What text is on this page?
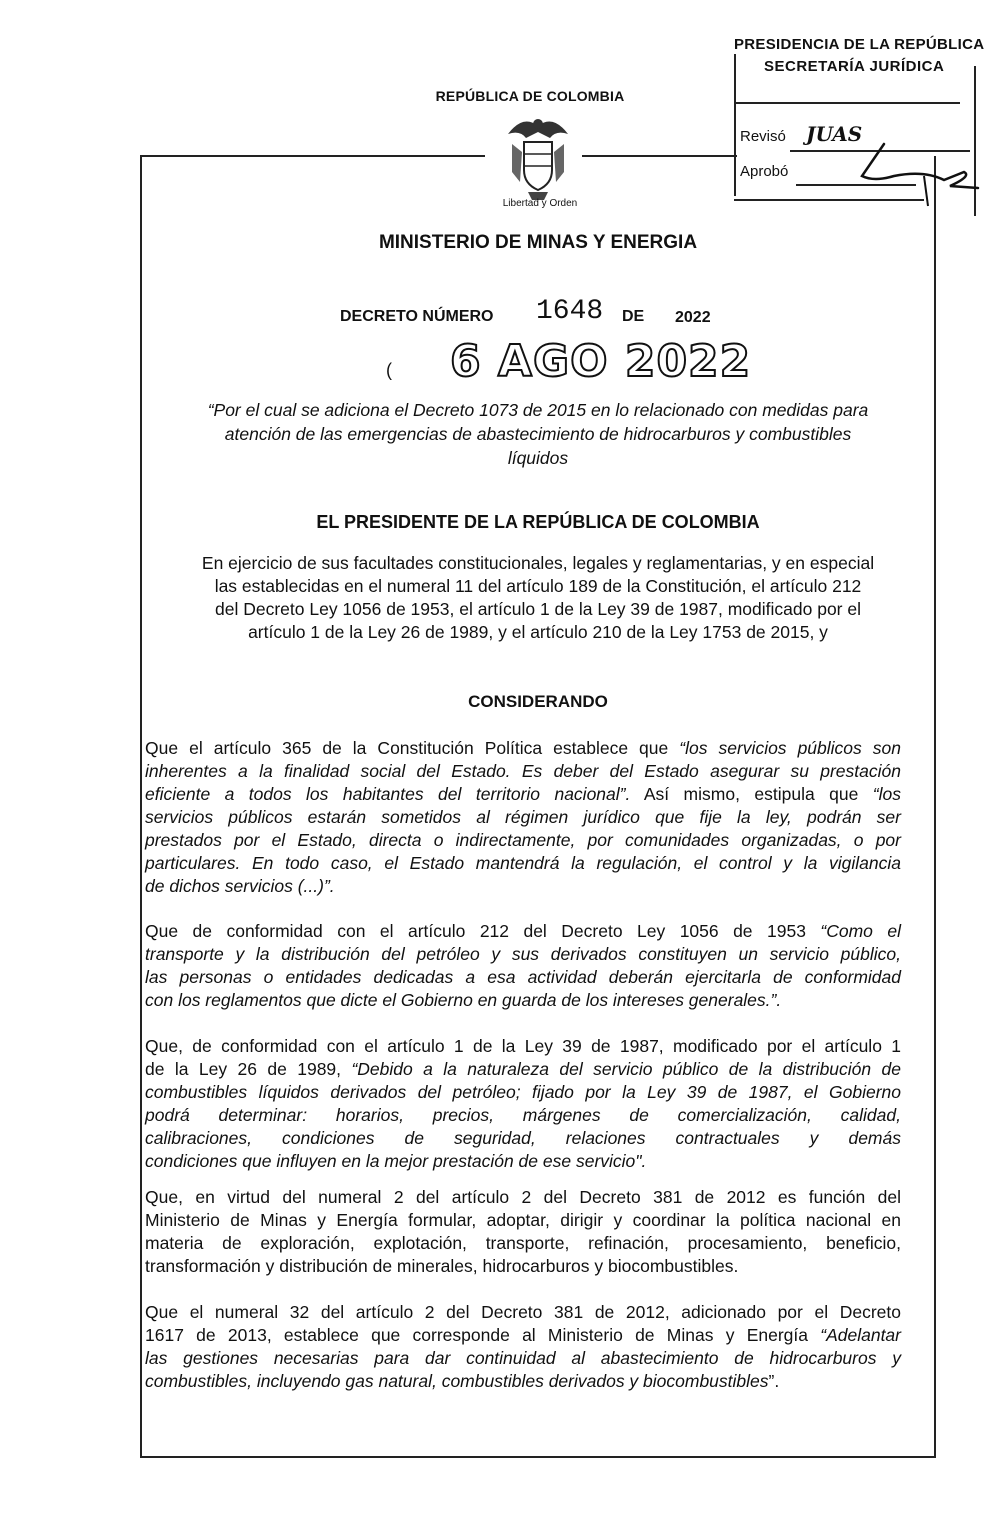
REPÚBLICA DE COLOMBIA
Libertad y Orden
MINISTERIO DE MINAS Y ENERGIA
PRESIDENCIA DE LA REPÚBLICA
SECRETARÍA JURÍDICA
Revisó JUAS
Aprobó
DECRETO NÚMERO 1648 DE 2022
( 6 AGO 2022
“Por el cual se adiciona el Decreto 1073 de 2015 en lo relacionado con medidas para
atención de las emergencias de abastecimiento de hidrocarburos y combustibles
líquidos
EL PRESIDENTE DE LA REPÚBLICA DE COLOMBIA
En ejercicio de sus facultades constitucionales, legales y reglamentarias, y en especial
las establecidas en el numeral 11 del artículo 189 de la Constitución, el artículo 212
del Decreto Ley 1056 de 1953, el artículo 1 de la Ley 39 de 1987, modificado por el
artículo 1 de la Ley 26 de 1989, y el artículo 210 de la Ley 1753 de 2015, y
CONSIDERANDO
Que el artículo 365 de la Constitución Política establece que “los servicios públicos son
inherentes a la finalidad social del Estado. Es deber del Estado asegurar su prestación
eficiente a todos los habitantes del territorio nacional”. Así mismo, estipula que “los
servicios públicos estarán sometidos al régimen jurídico que fije la ley, podrán ser
prestados por el Estado, directa o indirectamente, por comunidades organizadas, o por
particulares. En todo caso, el Estado mantendrá la regulación, el control y la vigilancia
de dichos servicios (...)”.
Que de conformidad con el artículo 212 del Decreto Ley 1056 de 1953 “Como el
transporte y la distribución del petróleo y sus derivados constituyen un servicio público,
las personas o entidades dedicadas a esa actividad deberán ejercitarla de conformidad
con los reglamentos que dicte el Gobierno en guarda de los intereses generales.”.
Que, de conformidad con el artículo 1 de la Ley 39 de 1987, modificado por el artículo 1
de la Ley 26 de 1989, “Debido a la naturaleza del servicio público de la distribución de
combustibles líquidos derivados del petróleo; fijado por la Ley 39 de 1987, el Gobierno
podrá determinar: horarios, precios, márgenes de comercialización, calidad,
calibraciones, condiciones de seguridad, relaciones contractuales y demás
condiciones que influyen en la mejor prestación de ese servicio".
Que, en virtud del numeral 2 del artículo 2 del Decreto 381 de 2012 es función del
Ministerio de Minas y Energía formular, adoptar, dirigir y coordinar la política nacional en
materia de exploración, explotación, transporte, refinación, procesamiento, beneficio,
transformación y distribución de minerales, hidrocarburos y biocombustibles.
Que el numeral 32 del artículo 2 del Decreto 381 de 2012, adicionado por el Decreto
1617 de 2013, establece que corresponde al Ministerio de Minas y Energía “Adelantar
las gestiones necesarias para dar continuidad al abastecimiento de hidrocarburos y
combustibles, incluyendo gas natural, combustibles derivados y biocombustibles”.
